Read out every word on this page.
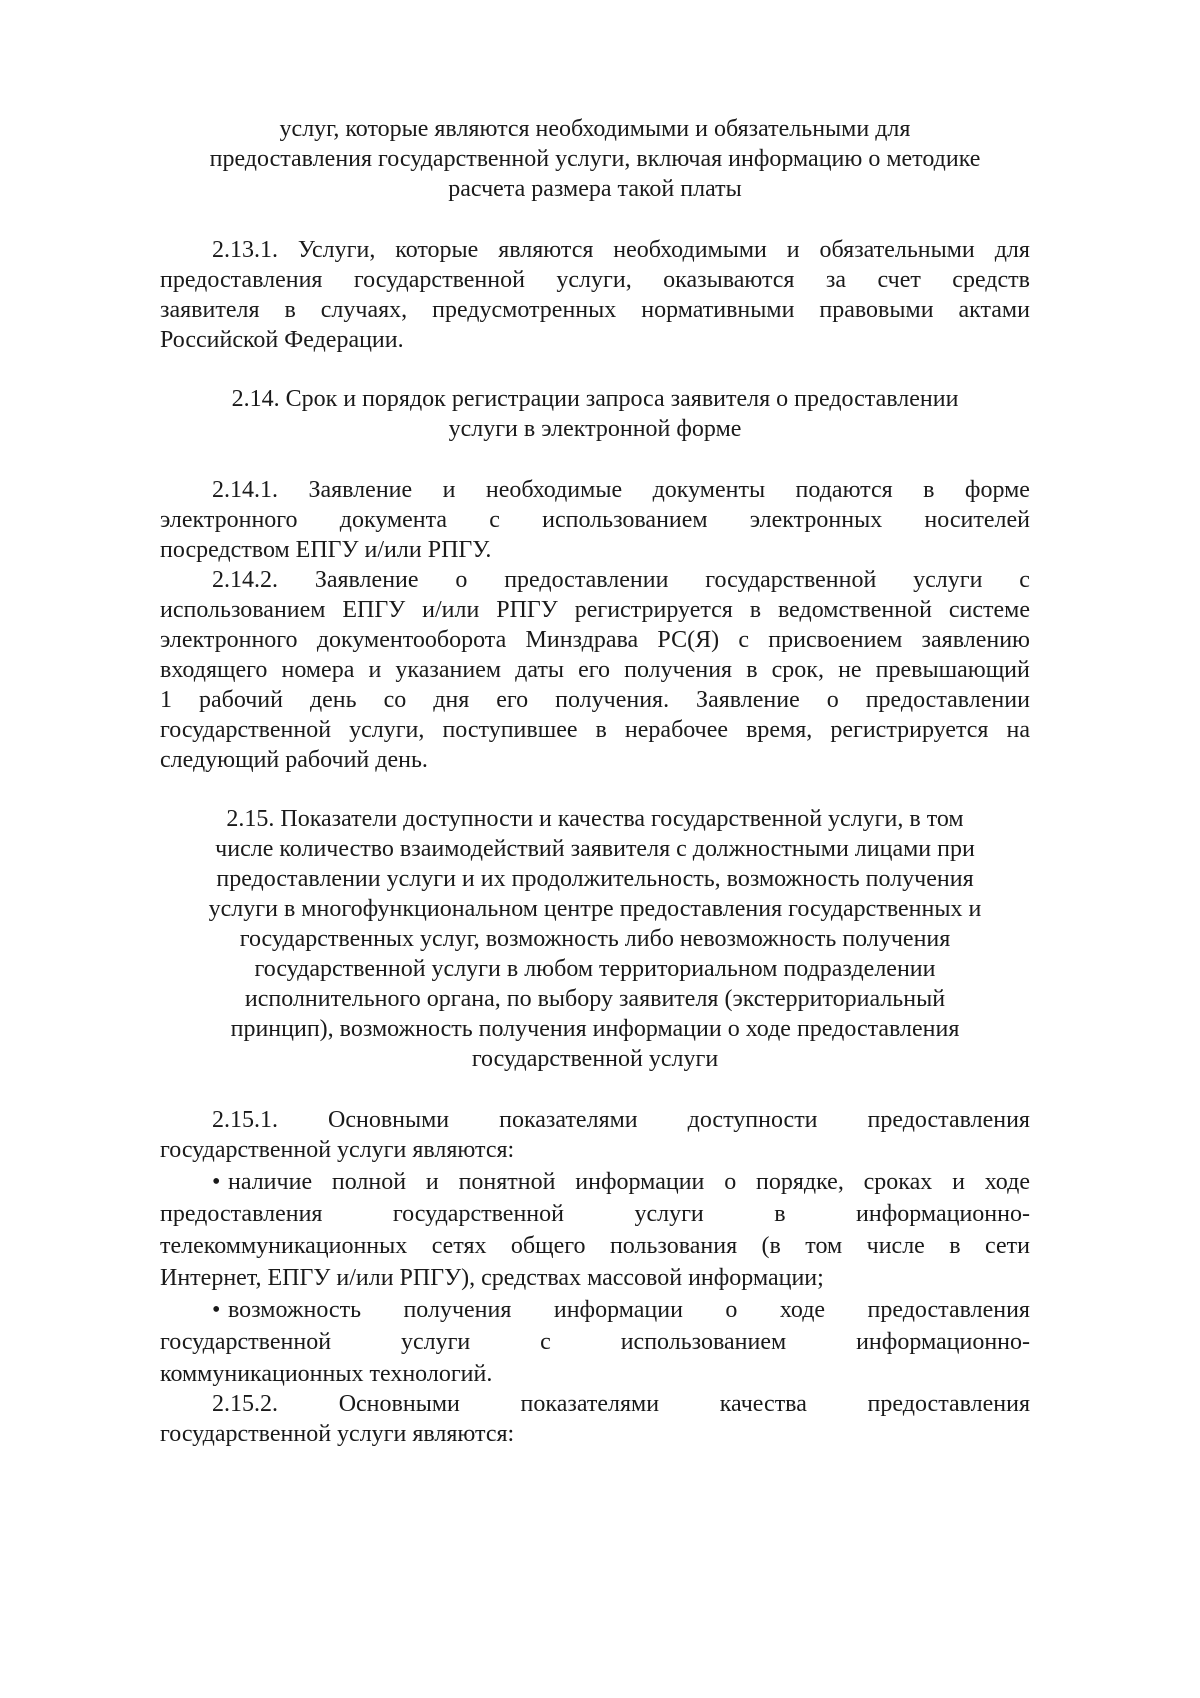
услуг, которые являются необходимыми и обязательными для
предоставления государственной услуги, включая информацию о методике
расчета размера такой платы
2.13.1. Услуги, которые являются необходимыми и обязательными для
предоставления государственной услуги, оказываются за счет средств
заявителя в случаях, предусмотренных нормативными правовыми актами
Российской Федерации.
2.14. Срок и порядок регистрации запроса заявителя о предоставлении
услуги в электронной форме
2.14.1. Заявление и необходимые документы подаются в форме
электронного документа с использованием электронных носителей
посредством ЕПГУ и/или РПГУ.
2.14.2. Заявление о предоставлении государственной услуги с
использованием ЕПГУ и/или РПГУ регистрируется в ведомственной системе
электронного документооборота Минздрава РС(Я) с присвоением заявлению
входящего номера и указанием даты его получения в срок, не превышающий
1 рабочий день со дня его получения. Заявление о предоставлении
государственной услуги, поступившее в нерабочее время, регистрируется на
следующий рабочий день.
2.15. Показатели доступности и качества государственной услуги, в том
числе количество взаимодействий заявителя с должностными лицами при
предоставлении услуги и их продолжительность, возможность получения
услуги в многофункциональном центре предоставления государственных и
государственных услуг, возможность либо невозможность получения
государственной услуги в любом территориальном подразделении
исполнительного органа, по выбору заявителя (экстерриториальный
принцип), возможность получения информации о ходе предоставления
государственной услуги
2.15.1. Основными показателями доступности предоставления
государственной услуги являются:
• наличие полной и понятной информации о порядке, сроках и ходе
предоставления	государственной	услуги	в	информационно-
телекоммуникационных сетях общего пользования (в том числе в сети
Интернет, ЕПГУ и/или РПГУ), средствах массовой информации;
• возможность получения информации о ходе предоставления
государственной	услуги	с	использованием	информационно-
коммуникационных технологий.
2.15.2.	Основными	показателями	качества	предоставления
государственной услуги являются:
